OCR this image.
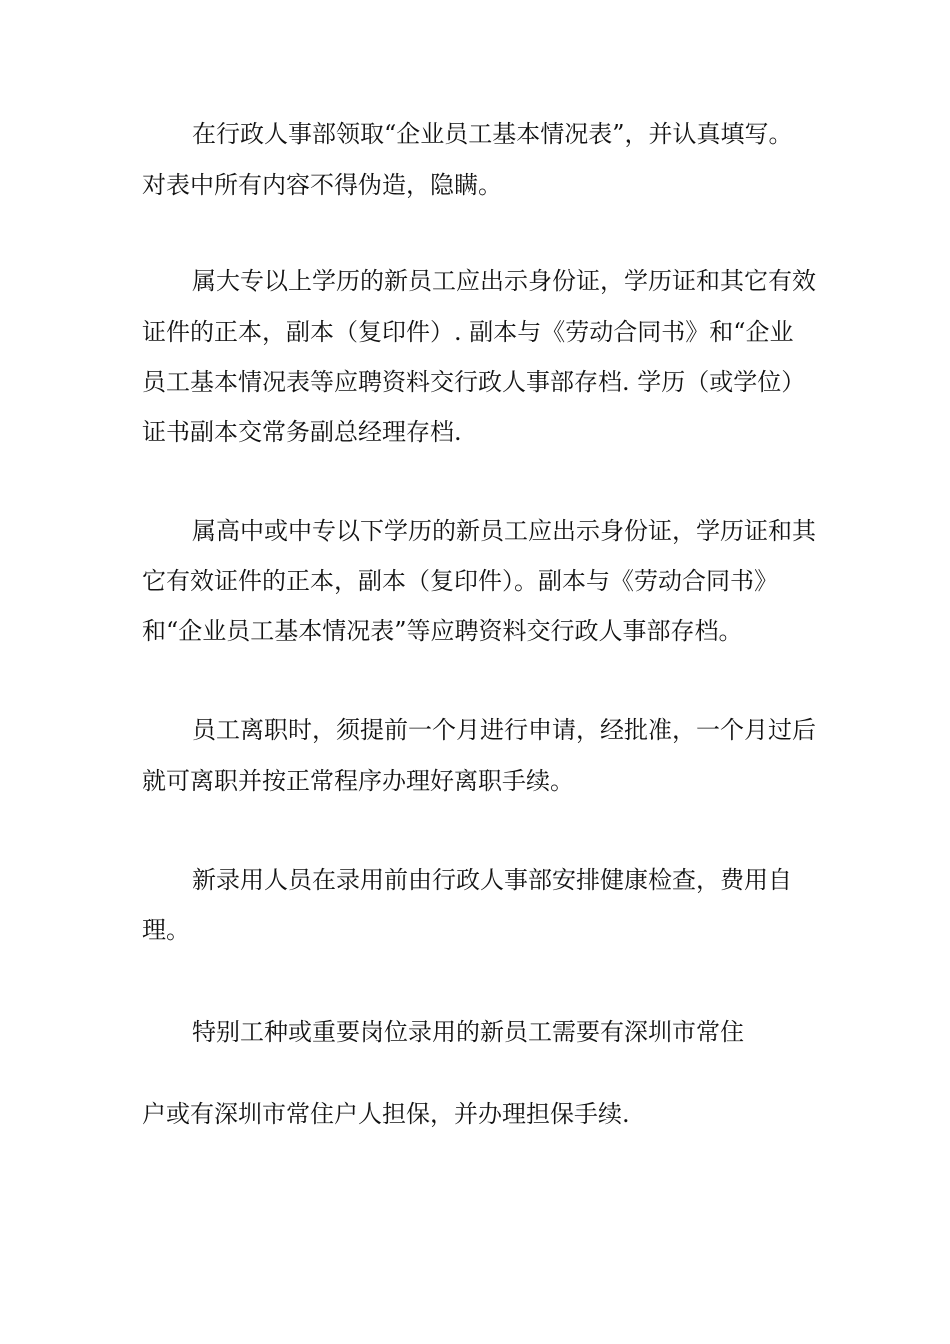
在行政人事部领取“企业员工基本情况表”，并认真填写。
对表中所有内容不得伪造，隐瞒。
属大专以上学历的新员工应出示身份证，学历证和其它有效
证件的正本，副本（复印件）. 副本与《劳动合同书》和“企业
员工基本情况表等应聘资料交行政人事部存档. 学历（或学位）
证书副本交常务副总经理存档.
属高中或中专以下学历的新员工应出示身份证，学历证和其
它有效证件的正本，副本（复印件）。副本与《劳动合同书》
和“企业员工基本情况表”等应聘资料交行政人事部存档。
员工离职时，须提前一个月进行申请，经批准，一个月过后
就可离职并按正常程序办理好离职手续。
新录用人员在录用前由行政人事部安排健康检查，费用自
理。
特别工种或重要岗位录用的新员工需要有深圳市常住
户或有深圳市常住户人担保，并办理担保手续.
